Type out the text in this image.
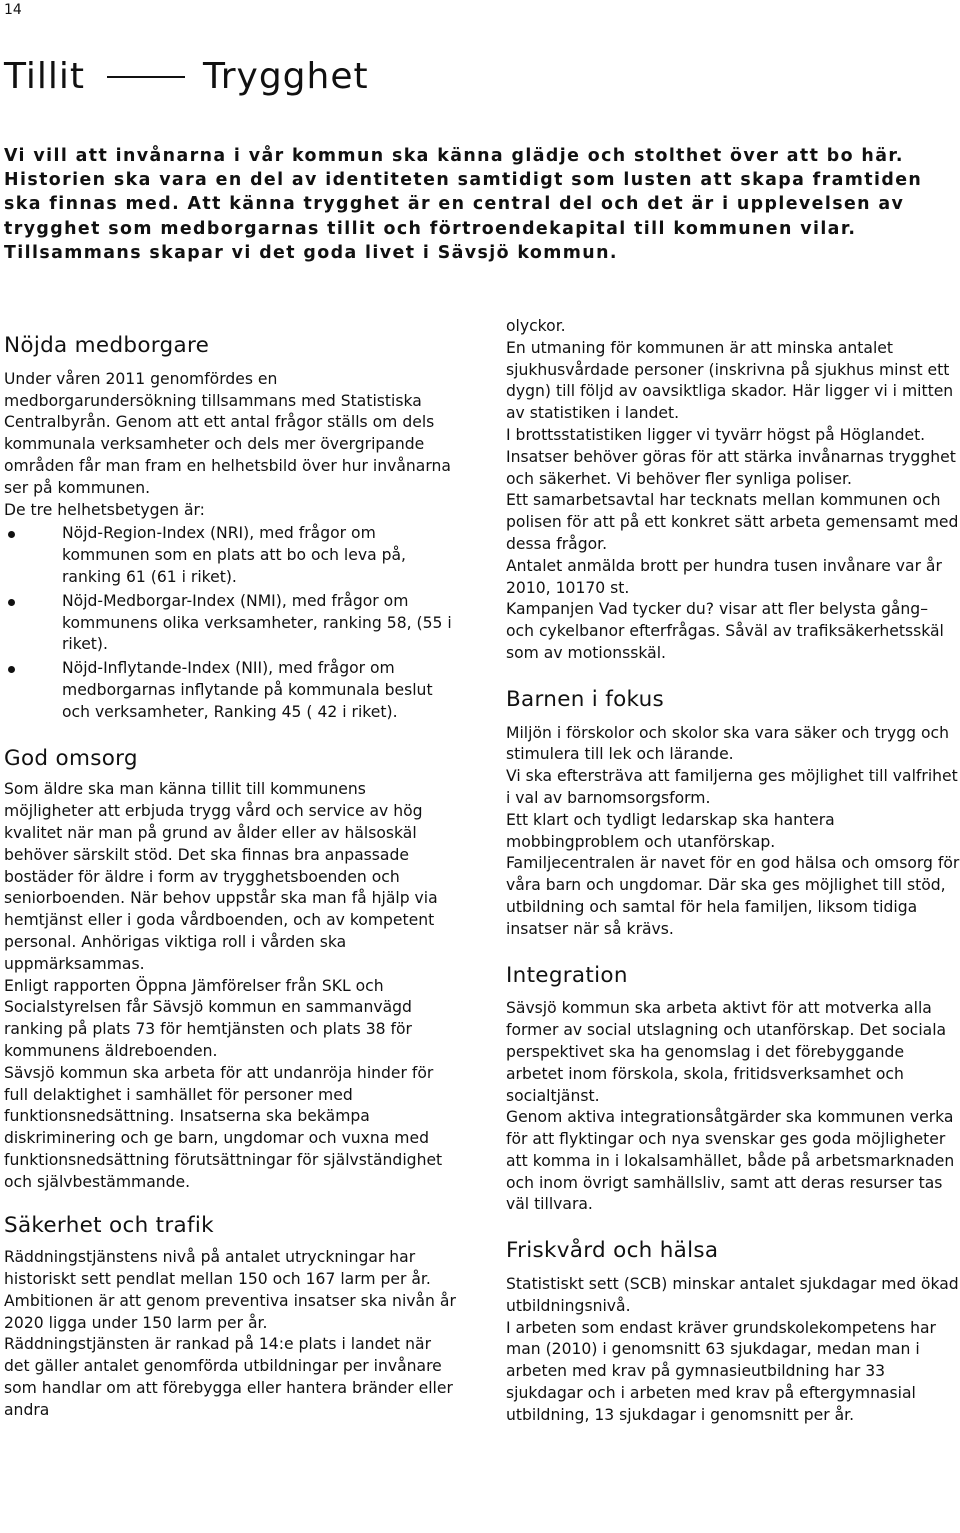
14
Tillit	Trygghet

Vi vill att invånarna i vår kommun ska känna glädje och stolthet över att bo här. Historien ska vara en del av identiteten samtidigt som lusten att skapa framtiden ska finnas med. Att känna trygghet är en central del och det är i upplevelsen av trygghet som medborgarnas tillit och förtroendekapital till kommunen vilar. Tillsammans skapar vi det goda livet i Sävsjö kommun.

Nöjda medborgare

Under våren 2011 genomfördes en medborgarundersökning tillsammans med Statistiska Centralbyrån. Genom att ett antal frågor ställs om dels kommunala verksamheter och dels mer övergripande områden får man fram en helhetsbild över hur invånarna ser på kommunen.

De tre helhetsbetygen är:

Nöjd-Region-Index (NRI), med frågor om kommunen som en plats att bo och leva på, ranking 61 (61 i riket).
Nöjd-Medborgar-Index (NMI), med frågor om kommunens olika verksamheter, ranking 58, (55 i riket).
Nöjd-Inflytande-Index (NII), med frågor om medborgarnas inflytande på kommunala beslut och verksamheter, Ranking 45 ( 42 i riket).
God omsorg

Som äldre ska man känna tillit till kommunens möjligheter att erbjuda trygg vård och service av hög kvalitet när man på grund av ålder eller av hälsoskäl behöver särskilt stöd. Det ska finnas bra anpassade bostäder för äldre i form av trygghetsboenden och seniorboenden. När behov uppstår ska man få hjälp via hemtjänst eller i goda vårdboenden, och av kompetent personal. Anhörigas viktiga roll i vården ska uppmärksammas.

Enligt rapporten Öppna Jämförelser från SKL och Socialstyrelsen får Sävsjö kommun en sammanvägd ranking på plats 73 för hemtjänsten och plats 38 för kommunens äldreboenden.

Sävsjö kommun ska arbeta för att undanröja hinder för full delaktighet i samhället för personer med funktionsnedsättning. Insatserna ska bekämpa diskriminering och ge barn, ungdomar och vuxna med funktionsnedsättning förutsättningar för självständighet och självbestämmande.

Säkerhet och trafik

Räddningstjänstens nivå på antalet utryckningar har historiskt sett pendlat mellan 150 och 167 larm per år. Ambitionen är att genom preventiva insatser ska nivån år 2020 ligga under 150 larm per år.

Räddningstjänsten är rankad på 14:e plats i landet när det gäller antalet genomförda utbildningar per invånare som handlar om att förebygga eller hantera bränder eller andra

olyckor.

En utmaning för kommunen är att minska antalet sjukhusvårdade personer (inskrivna på sjukhus minst ett dygn) till följd av oavsiktliga skador. Här ligger vi i mitten av statistiken i landet.

I brottsstatistiken ligger vi tyvärr högst på Höglandet. Insatser behöver göras för att stärka invånarnas trygghet och säkerhet. Vi behöver fler synliga poliser.

Ett samarbetsavtal har tecknats mellan kommunen och polisen för att på ett konkret sätt arbeta gemensamt med dessa frågor.

Antalet anmälda brott per hundra tusen invånare var år 2010, 10170 st.

Kampanjen Vad tycker du? visar att fler belysta gång– och cykelbanor efterfrågas. Såväl av trafiksäkerhetsskäl som av motionsskäl.

Barnen i fokus

Miljön i förskolor och skolor ska vara säker och trygg och stimulera till lek och lärande.

Vi ska eftersträva att familjerna ges möjlighet till valfrihet i val av barnomsorgsform.

Ett klart och tydligt ledarskap ska hantera mobbingproblem och utanförskap.

Familjecentralen är navet för en god hälsa och omsorg för våra barn och ungdomar. Där ska ges möjlighet till stöd, utbildning och samtal för hela familjen, liksom tidiga insatser när så krävs.

Integration

Sävsjö kommun ska arbeta aktivt för att motverka alla former av social utslagning och utanförskap. Det sociala perspektivet ska ha genomslag i det förebyggande arbetet inom förskola, skola, fritidsverksamhet och socialtjänst.

Genom aktiva integrationsåtgärder ska kommunen verka för att flyktingar och nya svenskar ges goda möjligheter att komma in i lokalsamhället, både på arbetsmarknaden och inom övrigt samhällsliv, samt att deras resurser tas väl tillvara.

Friskvård och hälsa

Statistiskt sett (SCB) minskar antalet sjukdagar med ökad utbildningsnivå.

I arbeten som endast kräver grundskolekompetens har man (2010) i genomsnitt 63 sjukdagar, medan man i arbeten med krav på gymnasieutbildning har 33 sjukdagar och i arbeten med krav på eftergymnasial utbildning, 13 sjukdagar i genomsnitt per år.
